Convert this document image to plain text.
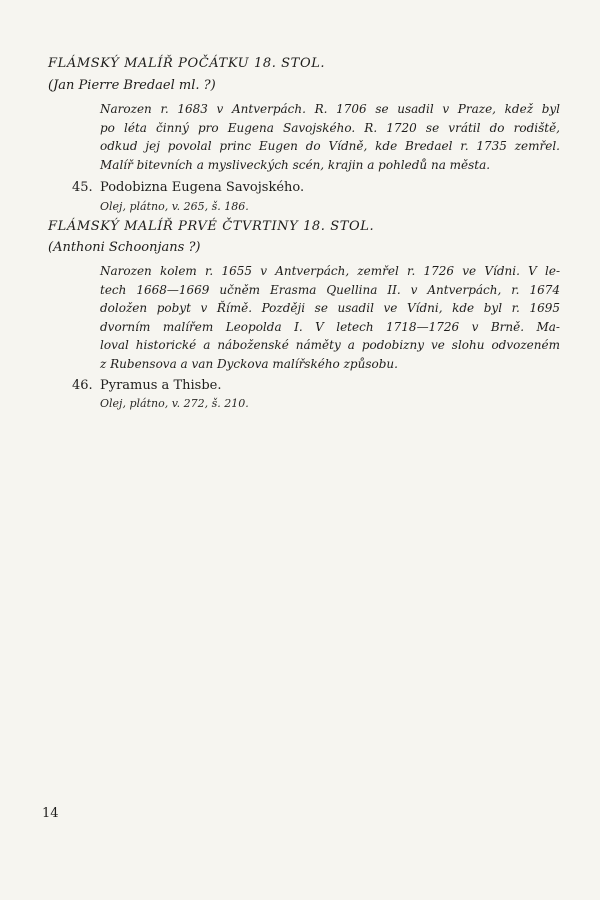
FLÁMSKÝ MALÍŘ POČÁTKU 18. STOL.
(Jan Pierre Bredael ml. ?)
Narozen r. 1683 v Antverpách. R. 1706 se usadil v Praze, kdež byl
po léta činný pro Eugena Savojského. R. 1720 se vrátil do rodiště,
odkud jej povolal princ Eugen do Vídně, kde Bredael r. 1735 zemřel.
Malíř bitevních a mysliveckých scén, krajin a pohledů na města.
45. Podobizna Eugena Savojského.
Olej, plátno, v. 265, š. 186.
FLÁMSKÝ MALÍŘ PRVÉ ČTVRTINY 18. STOL.
(Anthoni Schoonjans ?)
Narozen kolem r. 1655 v Antverpách, zemřel r. 1726 ve Vídni. V le-
tech 1668—1669 učněm Erasma Quellina II. v Antverpách, r. 1674
doložen pobyt v Římě. Později se usadil ve Vídni, kde byl r. 1695
dvorním malířem Leopolda I. V letech 1718—1726 v Brně. Ma-
loval historické a náboženské náměty a podobizny ve slohu odvozeném
z Rubensova a van Dyckova malířského způsobu.
46. Pyramus a Thisbe.
Olej, plátno, v. 272, š. 210.
14
